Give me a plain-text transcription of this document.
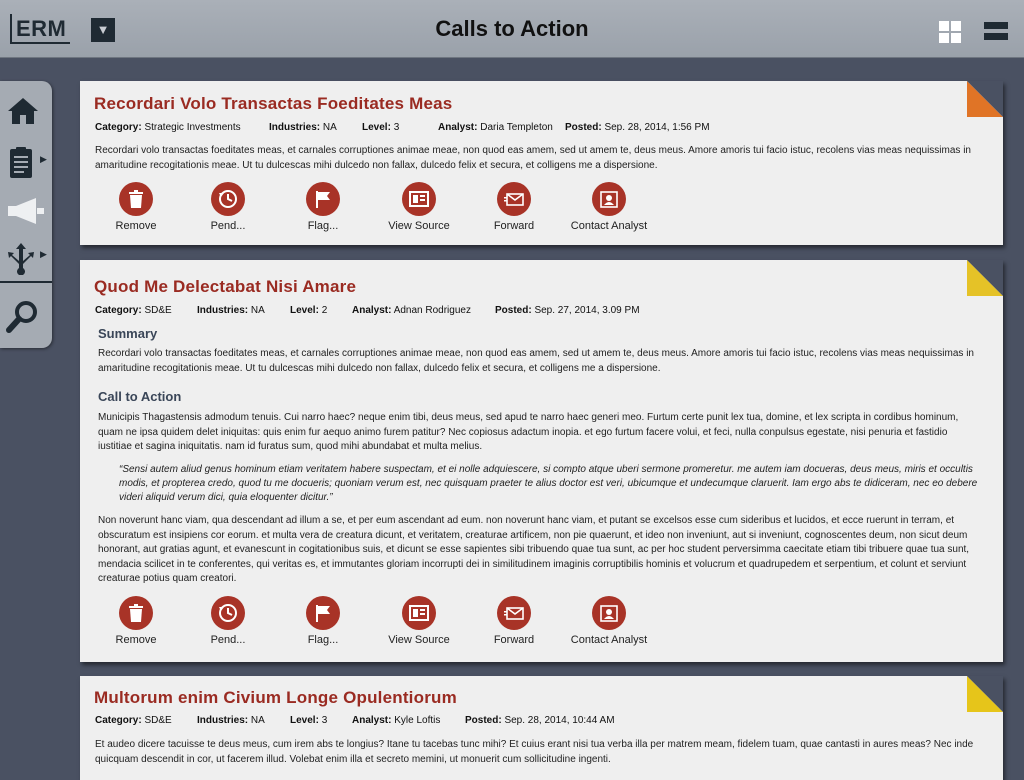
ERM	▼	Calls to Action
▶
▶
Recordari Volo Transactas Foeditates Meas
Category: Strategic Investments	Industries: NA	Level: 3	Analyst: Daria Templeton Posted: Sep. 28, 2014, 1:56 PM
Recordari volo transactas foeditates meas, et carnales corruptiones animae meae, non quod eas amem, sed ut amem te, deus meus. Amore amoris tui facio istuc, recolens vias meas nequissimas in amaritudine recogitationis meae. Ut tu dulcescas mihi dulcedo non fallax, dulcedo felix et secura, et colligens me a dispersione.
Remove	Pend...	Flag...	View Source	Forward	Contact Analyst
Quod Me Delectabat Nisi Amare
Category: SD&E	Industries: NA	Level: 2 Analyst: Adnan Rodriguez Posted: Sep. 27, 2014, 3.09 PM
Summary
Recordari volo transactas foeditates meas, et carnales corruptiones animae meae, non quod eas amem, sed ut amem te, deus meus. Amore amoris tui facio istuc, recolens vias meas nequissimas in amaritudine recogitationis meae. Ut tu dulcescas mihi dulcedo non fallax, dulcedo felix et secura, et colligens me a dispersione.
Call to Action
Municipis Thagastensis admodum tenuis. Cui narro haec? neque enim tibi, deus meus, sed apud te narro haec generi meo. Furtum certe punit lex tua, domine, et lex scripta in cordibus hominum, quam ne ipsa quidem delet iniquitas: quis enim fur aequo animo furem patitur? Nec copiosus adactum inopia. et ego furtum facere volui, et feci, nulla conpulsus egestate, nisi penuria et fastidio iustitiae et sagina iniquitatis. nam id furatus sum, quod mihi abundabat et multa melius.
“Sensi autem aliud genus hominum etiam veritatem habere suspectam, et ei nolle adquiescere, si compto atque uberi sermone promeretur. me autem iam docueras, deus meus, miris et occultis modis, et propterea credo, quod tu me docueris; quoniam verum est, nec quisquam praeter te alius doctor est veri, ubicumque et undecumque claruerit. Iam ergo abs te didiceram, nec eo debere videri aliquid verum dici, quia eloquenter dicitur.”
Non noverunt hanc viam, qua descendant ad illum a se, et per eum ascendant ad eum. non noverunt hanc viam, et putant se excelsos esse cum sideribus et lucidos, et ecce ruerunt in terram, et obscuratum est insipiens cor eorum. et multa vera de creatura dicunt, et veritatem, creaturae artificem, non pie quaerunt, et ideo non inveniunt, aut si inveniunt, cognoscentes deum, non sicut deum honorant, aut gratias agunt, et evanescunt in cogitationibus suis, et dicunt se esse sapientes sibi tribuendo quae tua sunt, ac per hoc student perversimma caecitate etiam tibi tribuere quae tua sunt, mendacia scilicet in te conferentes, qui veritas es, et immutantes gloriam incorrupti dei in similitudinem imaginis corruptibilis hominis et volucrum et quadrupedem et serpentium, et colunt et serviunt creaturae potius quam creatori.
Remove	Pend...	Flag...	View Source	Forward	Contact Analyst
Multorum enim Civium Longe Opulentiorum
Category: SD&E	Industries: NA	Level: 3 Analyst: Kyle Loftis Posted: Sep. 28, 2014, 10:44 AM
Et audeo dicere tacuisse te deus meus, cum irem abs te longius? Itane tu tacebas tunc mihi? Et cuius erant nisi tua verba illa per matrem meam, fidelem tuam, quae cantasti in aures meas? Nec inde quicquam descendit in cor, ut facerem illud. Volebat enim illa et secreto memini, ut monuerit cum sollicitudine ingenti.
